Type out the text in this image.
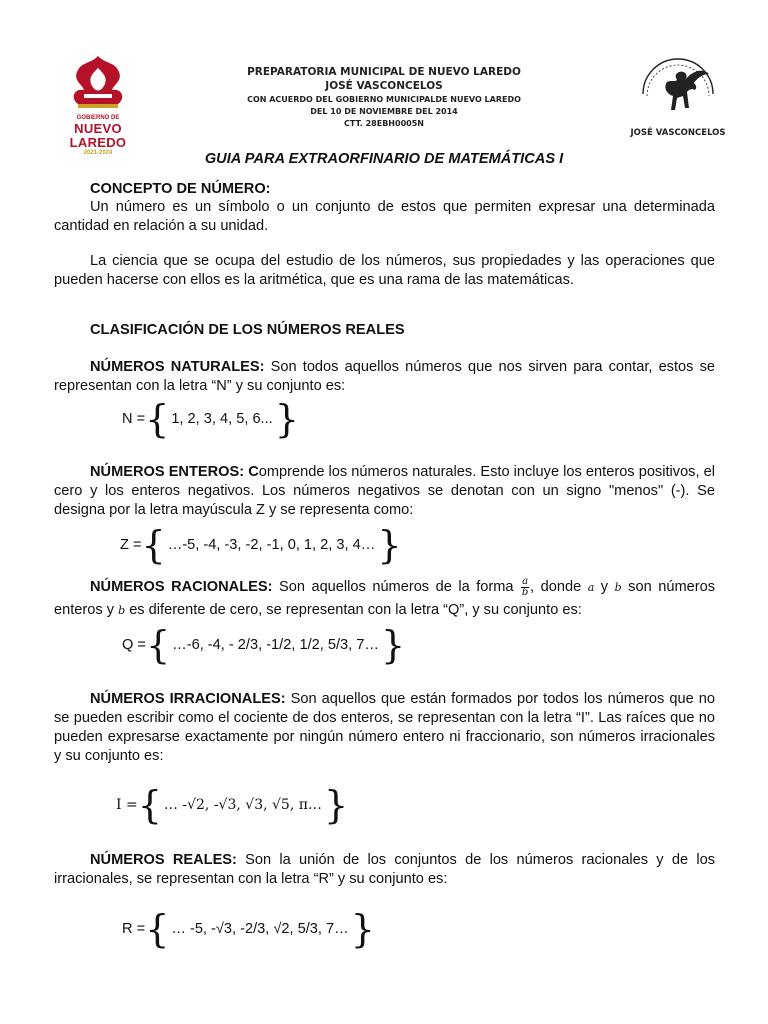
GOBIERNO DE
NUEVO LAREDO
2021-2024
PREPARATORIA MUNICIPAL DE NUEVO LAREDO
JOSÉ VASCONCELOS
CON ACUERDO DEL GOBIERNO MUNICIPALDE NUEVO LAREDO
DEL 10 DE NOVIEMBRE DEL 2014
CTT. 28EBH0005N
JOSÉ VASCONCELOS
GUIA PARA EXTRAORFINARIO DE MATEMÁTICAS I
CONCEPTO DE NÚMERO:
Un número es un símbolo o un conjunto de estos que permiten expresar una determinada cantidad en relación a su unidad.
La ciencia que se ocupa del estudio de los números, sus propiedades y las operaciones que pueden hacerse con ellos es la aritmética, que es una rama de las matemáticas.
CLASIFICACIÓN DE LOS NÚMEROS REALES
NÚMEROS NATURALES: Son todos aquellos números que nos sirven para contar, estos se representan con la letra “N” y su conjunto es:
N = { 1, 2, 3, 4, 5, 6... }
NÚMEROS ENTEROS: Comprende los números naturales. Esto incluye los enteros positivos, el cero y los enteros negativos. Los números negativos se denotan con un signo "menos" (-). Se designa por la letra mayúscula Z y se representa como:
Z = { …-5, -4, -3, -2, -1, 0, 1, 2, 3, 4… }
NÚMEROS RACIONALES: Son aquellos números de la forma $\frac{a}{b}$ , donde a y b son números enteros y b es diferente de cero, se representan con la letra “Q”, y su conjunto es:
Q = { …-6, -4, - 2/3, -1/2, 1/2, 5/3, 7… }
NÚMEROS IRRACIONALES: Son aquellos que están formados por todos los números que no se pueden escribir como el cociente de dos enteros, se representan con la letra “I”. Las raíces que no pueden expresarse exactamente por ningún número entero ni fraccionario, son números irracionales y su conjunto es:
I = { … -√2, -√3, √3, √5, π… }
NÚMEROS REALES: Son la unión de los conjuntos de los números racionales y de los irracionales, se representan con la letra “R” y su conjunto es:
R = { … -5, -√3, -2/3, √2, 5/3, 7… }
